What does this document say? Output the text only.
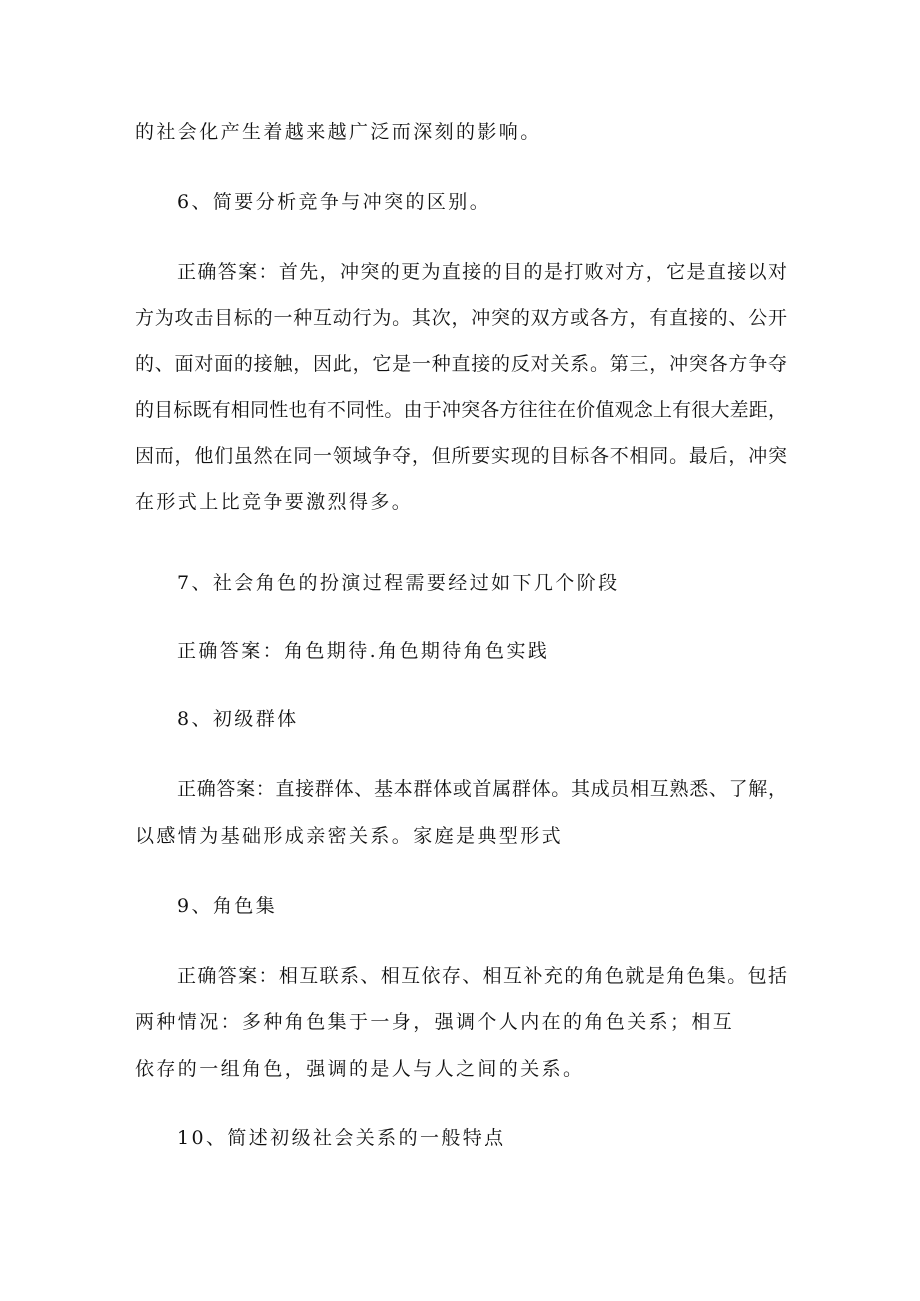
的社会化产生着越来越广泛而深刻的影响。
6、简要分析竞争与冲突的区别。
正确答案：首先，冲突的更为直接的目的是打败对方，它是直接以对
方为攻击目标的一种互动行为。其次，冲突的双方或各方，有直接的、公开
的、面对面的接触，因此，它是一种直接的反对关系。第三，冲突各方争夺
的目标既有相同性也有不同性。由于冲突各方往往在价值观念上有很大差距，
因而，他们虽然在同一领域争夺，但所要实现的目标各不相同。最后，冲突
在形式上比竞争要激烈得多。
7、社会角色的扮演过程需要经过如下几个阶段
正确答案：角色期待.角色期待角色实践
8、初级群体
正确答案：直接群体、基本群体或首属群体。其成员相互熟悉、了解，
以感情为基础形成亲密关系。家庭是典型形式
9、角色集
正确答案：相互联系、相互依存、相互补充的角色就是角色集。包括
两种情况：多种角色集于一身，强调个人内在的角色关系；相互
依存的一组角色，强调的是人与人之间的关系。
10、简述初级社会关系的一般特点
